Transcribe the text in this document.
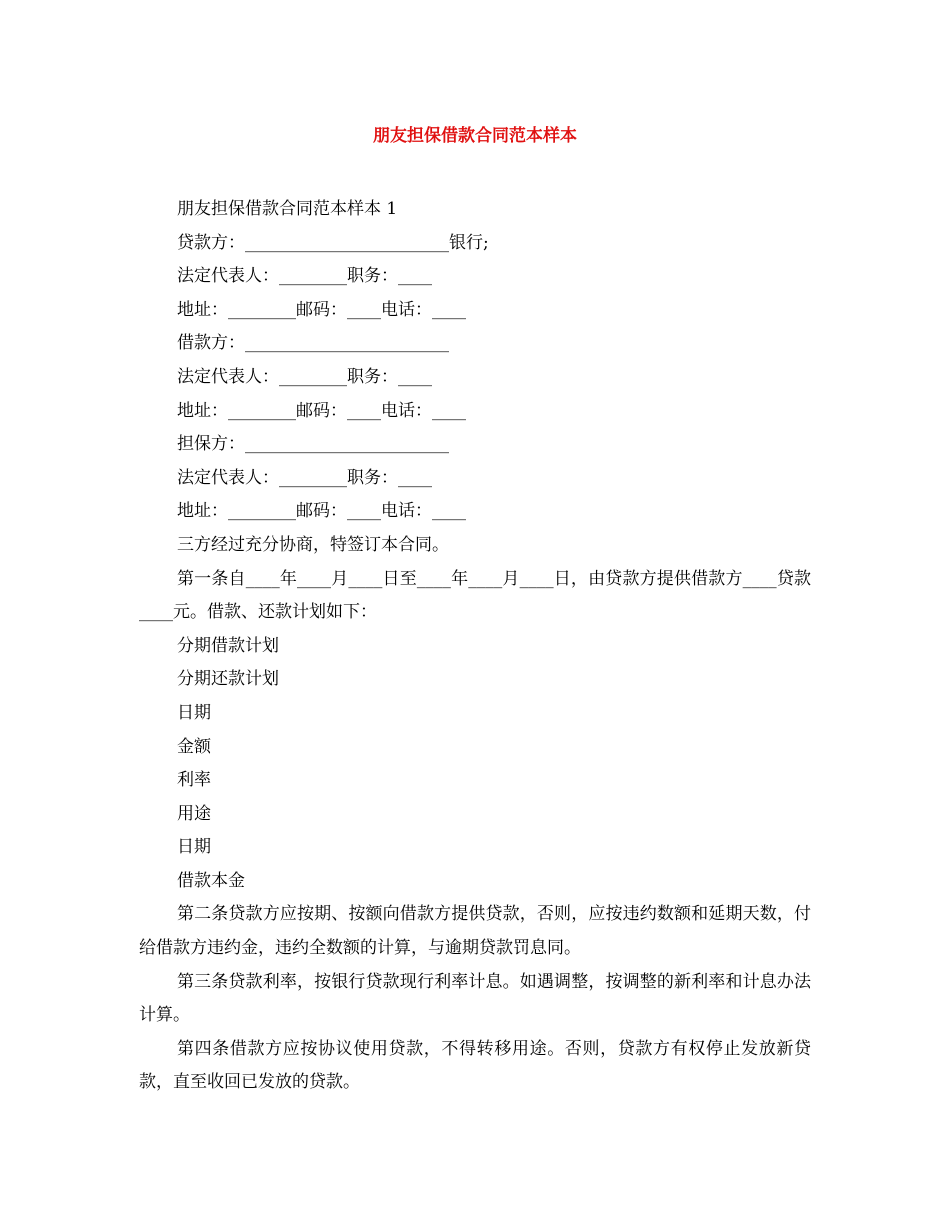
朋友担保借款合同范本样本

朋友担保借款合同范本样本 1

贷款方：________________________银行;

法定代表人：________职务：____

地址：________邮码：____电话：____

借款方：________________________

法定代表人：________职务：____

地址：________邮码：____电话：____

担保方：________________________

法定代表人：________职务：____

地址：________邮码：____电话：____

三方经过充分协商，特签订本合同。

第一条自____年____月____日至____年____月____日，由贷款方提供借款方____贷款____元。借款、还款计划如下：

分期借款计划

分期还款计划

日期

金额

利率

用途

日期

借款本金

第二条贷款方应按期、按额向借款方提供贷款，否则，应按违约数额和延期天数，付给借款方违约金，违约全数额的计算，与逾期贷款罚息同。

第三条贷款利率，按银行贷款现行利率计息。如遇调整，按调整的新利率和计息办法计算。

第四条借款方应按协议使用贷款，不得转移用途。否则，贷款方有权停止发放新贷款，直至收回已发放的贷款。
